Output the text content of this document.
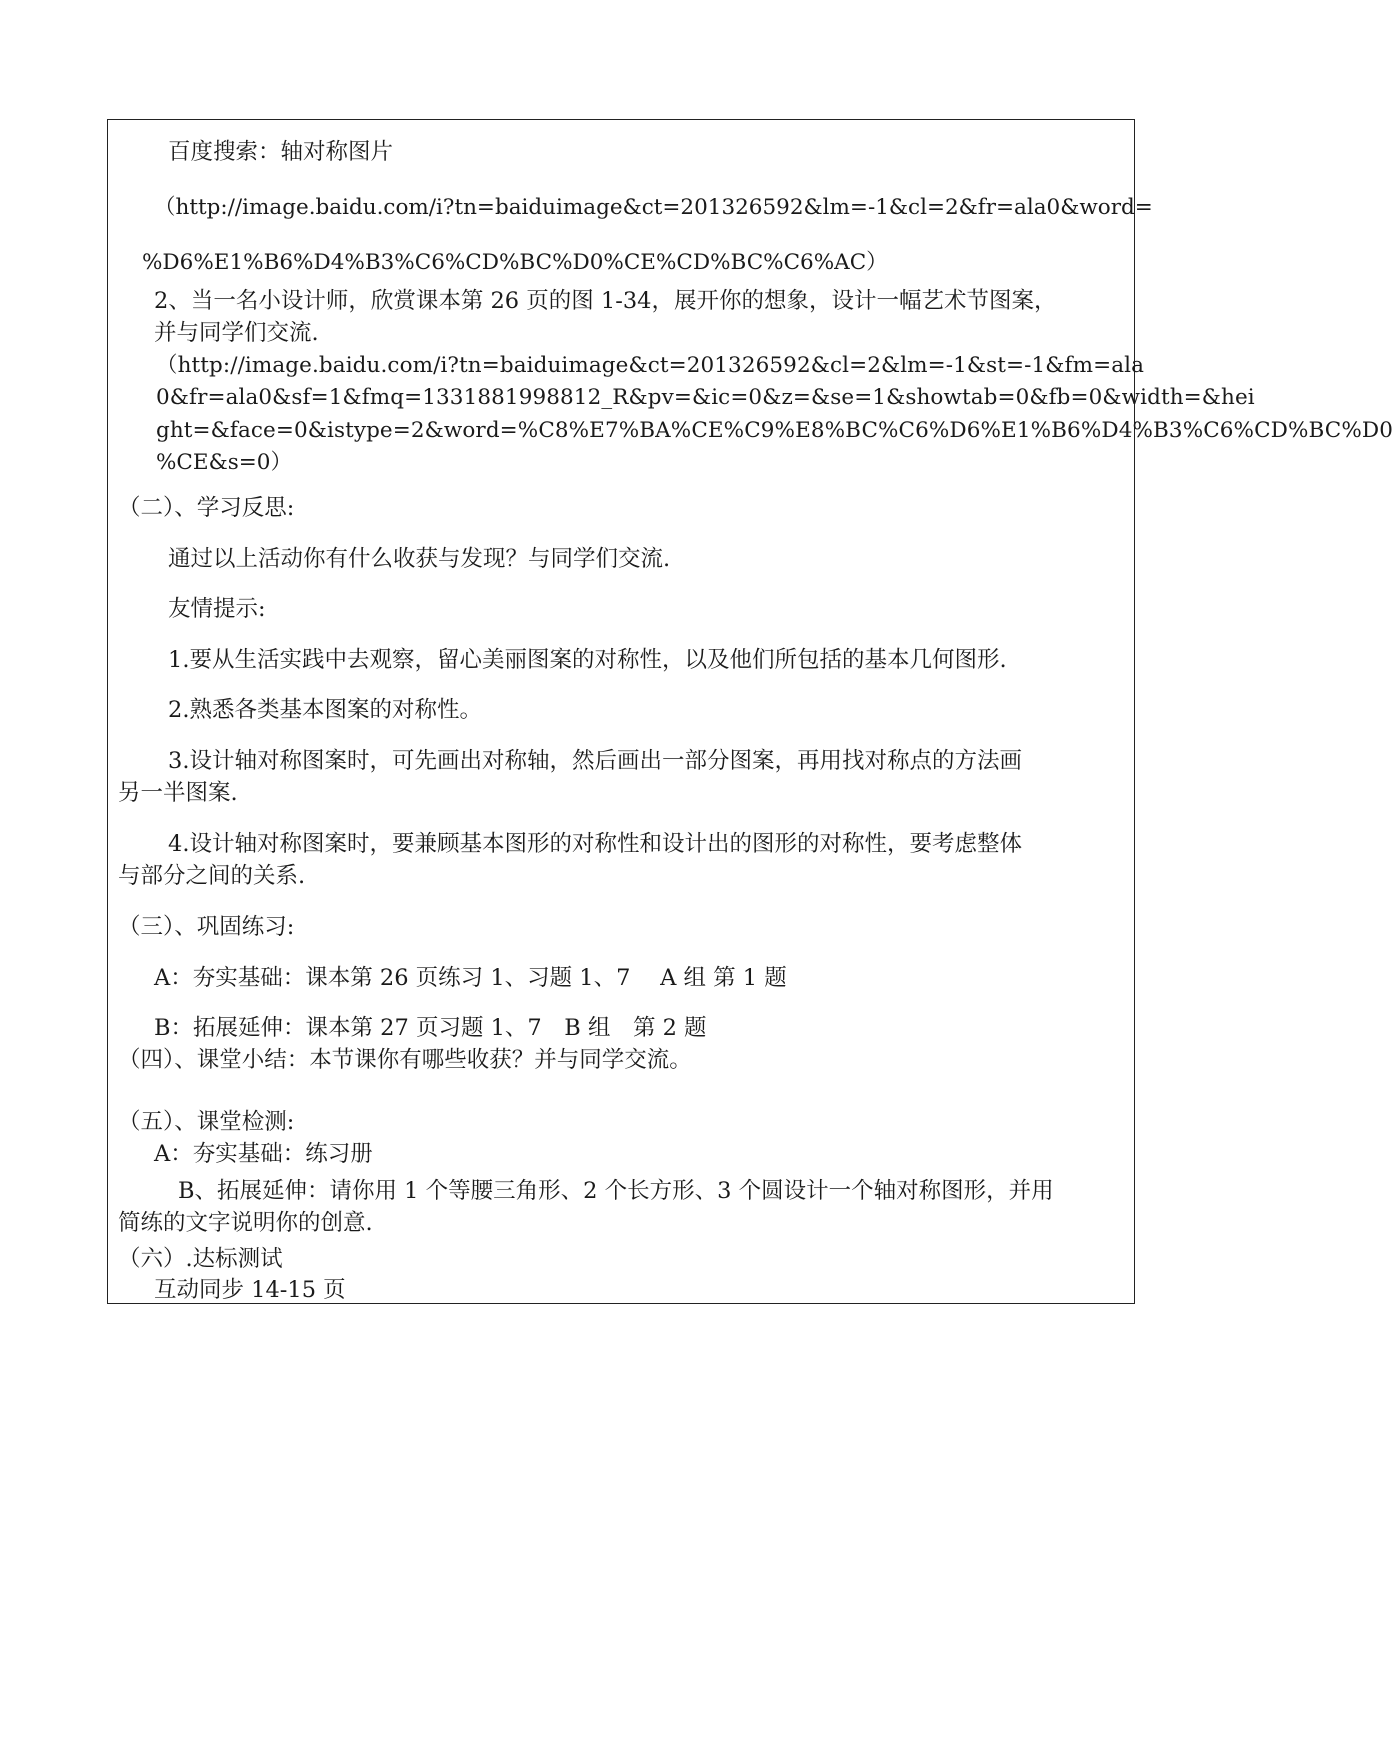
百度搜索：轴对称图片

（http://image.baidu.com/i?tn=baiduimage&ct=201326592&lm=-1&cl=2&fr=ala0&word=

%D6%E1%B6%D4%B3%C6%CD%BC%D0%CE%CD%BC%C6%AC）

2、当一名小设计师，欣赏课本第 26 页的图 1-34，展开你的想象，设计一幅艺术节图案，

并与同学们交流.

（http://image.baidu.com/i?tn=baiduimage&ct=201326592&cl=2&lm=-1&st=-1&fm=ala

0&fr=ala0&sf=1&fmq=1331881998812_R&pv=&ic=0&z=&se=1&showtab=0&fb=0&width=&hei

ght=&face=0&istype=2&word=%C8%E7%BA%CE%C9%E8%BC%C6%D6%E1%B6%D4%B3%C6%CD%BC%D0

%CE&s=0）

（二）、学习反思:

通过以上活动你有什么收获与发现？与同学们交流.

友情提示:

1.要从生活实践中去观察，留心美丽图案的对称性，以及他们所包括的基本几何图形.

2.熟悉各类基本图案的对称性。

3.设计轴对称图案时，可先画出对称轴，然后画出一部分图案，再用找对称点的方法画

另一半图案.

4.设计轴对称图案时，要兼顾基本图形的对称性和设计出的图形的对称性，要考虑整体

与部分之间的关系.

（三）、巩固练习:

A：夯实基础：课本第 26 页练习 1、习题 1、7　 A 组 第 1 题

B：拓展延伸：课本第 27 页习题 1、7　B 组　第 2 题

（四）、课堂小结：本节课你有哪些收获？并与同学交流。

（五）、课堂检测:

A：夯实基础：练习册

B、拓展延伸：请你用 1 个等腰三角形、2 个长方形、3 个圆设计一个轴对称图形，并用

简练的文字说明你的创意.

（六）.达标测试

互动同步 14-15 页
